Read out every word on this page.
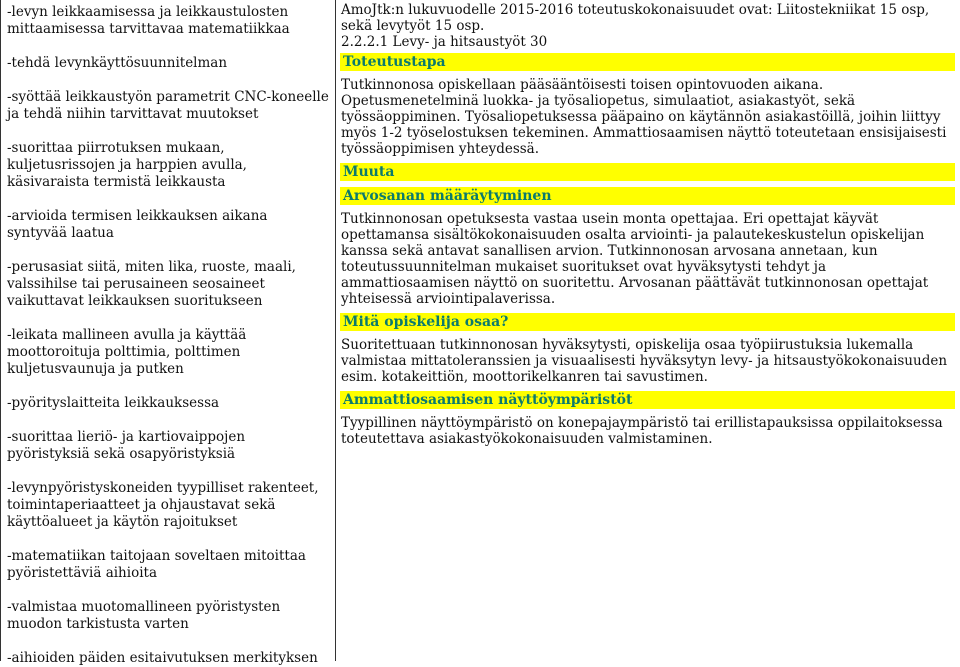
-levyn leikkaamisessa ja leikkaustulosten mittaamisessa tarvittavaa matematiikkaa
-tehdä levynkäyttösuunnitelman
-syöttää leikkaustyön parametrit CNC-koneelle ja tehdä niihin tarvittavat muutokset
-suorittaa piirrotuksen mukaan, kuljetusrissojen ja harppien avulla, käsivaraista termistä leikkausta
-arvioida termisen leikkauksen aikana syntyvää laatua
-perusasiat siitä, miten lika, ruoste, maali, valssihilse tai perusaineen seosaineet vaikuttavat leikkauksen suoritukseen
-leikata mallineen avulla ja käyttää moottoroituja polttimia, polttimen kuljetusvaunuja ja putken
-pyörityslaitteita leikkauksessa
-suorittaa lieriö- ja kartiovaippojen pyöristyksiä sekä osapyöristyksiä
-levynpyöristyskoneiden tyypilliset rakenteet, toimintaperiaatteet ja ohjaustavat sekä käyttöalueet ja käytön rajoitukset
-matematiikan taitojaan soveltaen mitoittaa pyöristettäviä aihioita
-valmistaa muotomallineen pyöristysten muodon tarkistusta varten
-aihioiden päiden esitaivutuksen merkityksen
AmoJtk:n lukuvuodelle 2015-2016 toteutuskokonaisuudet ovat: Liitostekniikat 15 osp, sekä levytyöt 15 osp.
2.2.2.1 Levy- ja hitsaustyöt 30
Toteutustapa
Tutkinnonosa opiskellaan pääsääntöisesti toisen opintovuoden aikana. Opetusmenetelminä luokka- ja työsaliopetus, simulaatiot, asiakastyöt, sekä työssäoppiminen. Työsaliopetuksessa pääpaino on käytännön asiakastöillä, joihin liittyy myös 1-2 työselostuksen tekeminen. Ammattiosaamisen näyttö toteutetaan ensisijaisesti työssäoppimisen yhteydessä.
Muuta
Arvosanan määräytyminen
Tutkinnonosan opetuksesta vastaa usein monta opettajaa. Eri opettajat käyvät opettamansa sisältökokonaisuuden osalta arviointi- ja palautekeskustelun opiskelijan kanssa sekä antavat sanallisen arvion. Tutkinnonosan arvosana annetaan, kun toteutussuunnitelman mukaiset suoritukset ovat hyväksytysti tehdyt ja ammattiosaamisen näyttö on suoritettu. Arvosanan päättävät tutkinnonosan opettajat yhteisessä arviointipalaverissa.
Mitä opiskelija osaa?
Suoritettuaan tutkinnonosan hyväksytysti, opiskelija osaa työpiirustuksia lukemalla valmistaa mittatoleranssien ja visuaalisesti hyväksytyn levy- ja hitsaustyökokonaisuuden esim. kotakeittiön, moottorikelkanren tai savustimen.
Ammattiosaamisen näyttöympäristöt
Tyypillinen näyttöympäristö on konepajaympäristö tai erillistapauksissa oppilaitoksessa toteutettava asiakastyökokonaisuuden valmistaminen.
